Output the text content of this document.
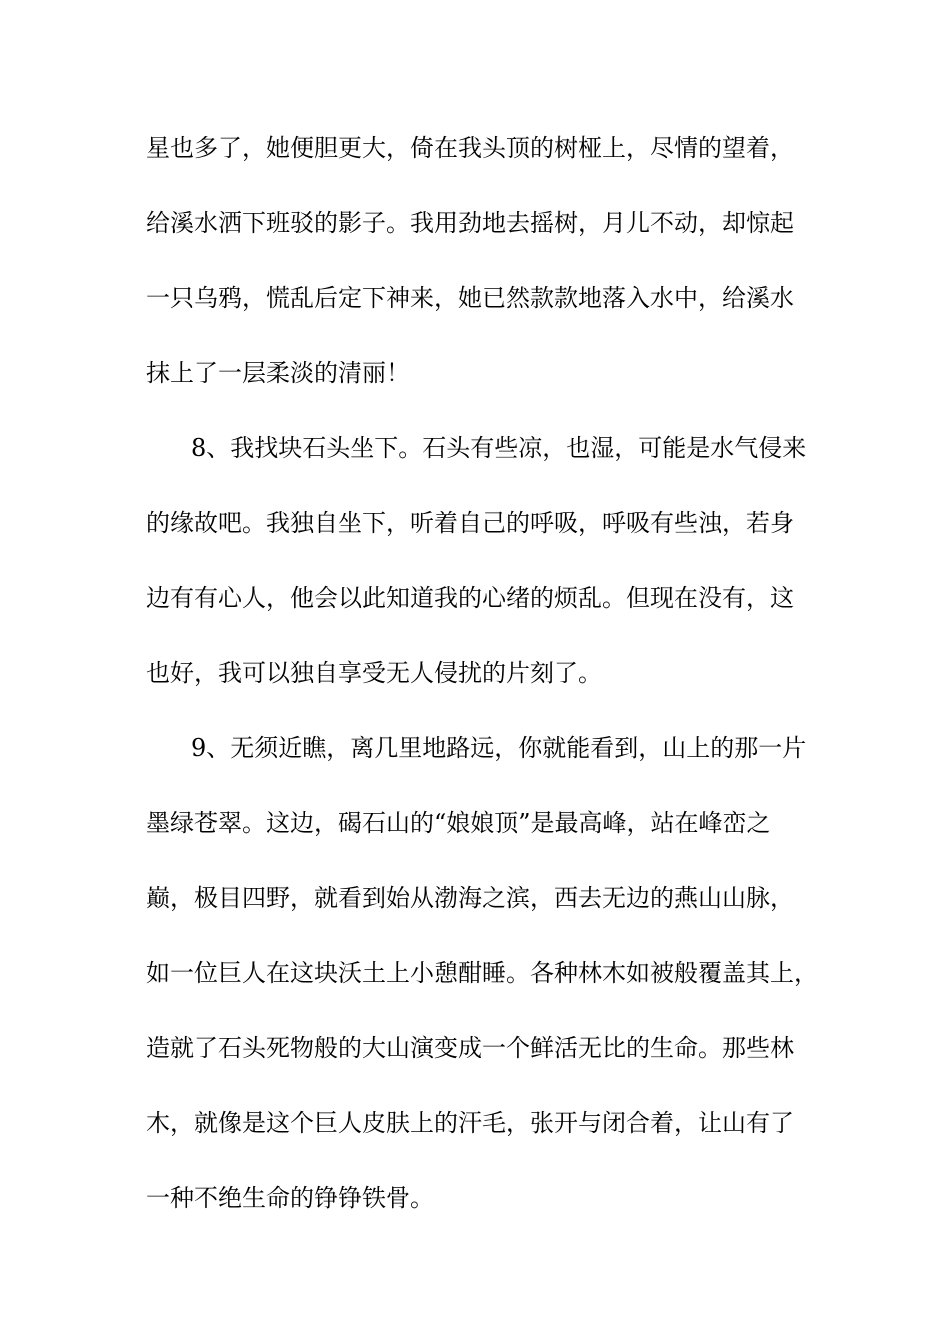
星也多了，她便胆更大，倚在我头顶的树桠上，尽情的望着，
给溪水洒下班驳的影子。我用劲地去摇树，月儿不动，却惊起
一只乌鸦，慌乱后定下神来，她已然款款地落入水中，给溪水
抹上了一层柔淡的清丽！
8、我找块石头坐下。石头有些凉，也湿，可能是水气侵来
的缘故吧。我独自坐下，听着自己的呼吸，呼吸有些浊，若身
边有有心人，他会以此知道我的心绪的烦乱。但现在没有，这
也好，我可以独自享受无人侵扰的片刻了。
9、无须近瞧，离几里地路远，你就能看到，山上的那一片
墨绿苍翠。这边，碣石山的“娘娘顶”是最高峰，站在峰峦之
巅，极目四野，就看到始从渤海之滨，西去无边的燕山山脉，
如一位巨人在这块沃土上小憩酣睡。各种林木如被般覆盖其上，
造就了石头死物般的大山演变成一个鲜活无比的生命。那些林
木，就像是这个巨人皮肤上的汗毛，张开与闭合着，让山有了
一种不绝生命的铮铮铁骨。
